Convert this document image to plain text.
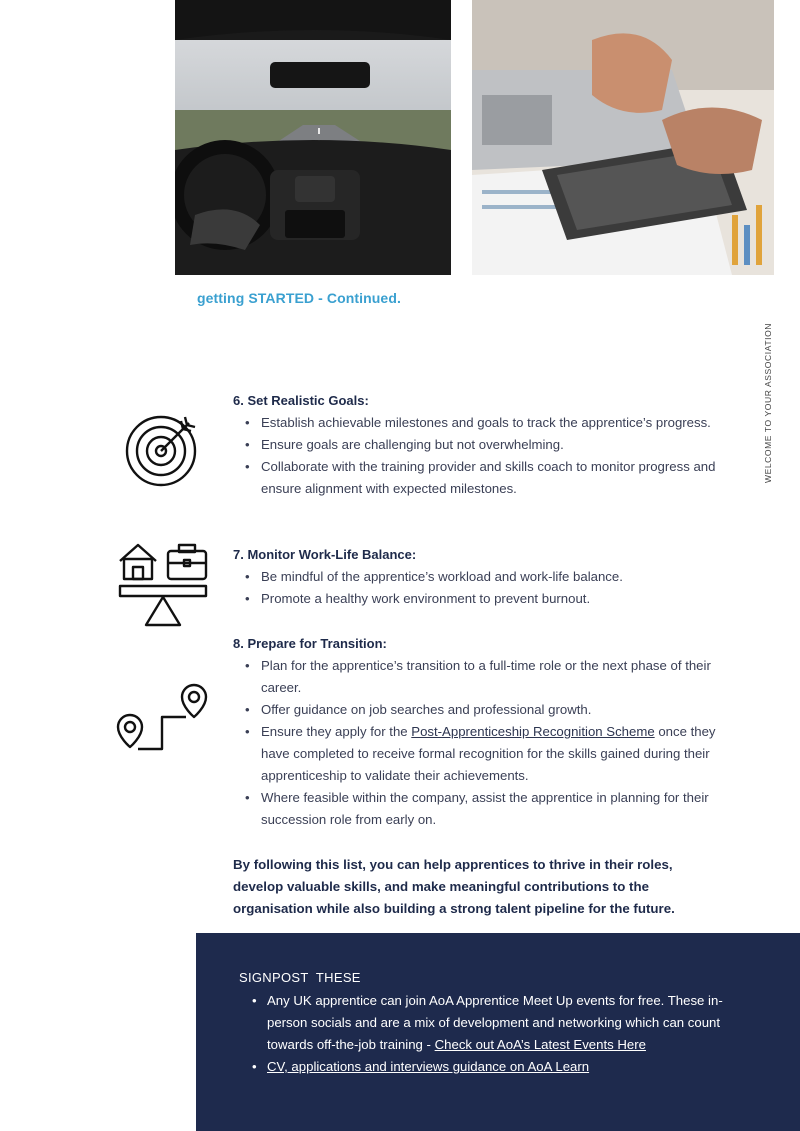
getting STARTED - Continued.
WELCOME TO YOUR ASSOCIATION
6. Set Realistic Goals:
• Establish achievable milestones and goals to track the apprentice’s progress.
• Ensure goals are challenging but not overwhelming.
• Collaborate with the training provider and skills coach to monitor progress and ensure alignment with expected milestones.
7. Monitor Work-Life Balance:
• Be mindful of the apprentice’s workload and work-life balance.
• Promote a healthy work environment to prevent burnout.
8. Prepare for Transition:
• Plan for the apprentice’s transition to a full-time role or the next phase of their career.
• Offer guidance on job searches and professional growth.
• Ensure they apply for the Post-Apprenticeship Recognition Scheme once they have completed to receive formal recognition for the skills gained during their apprenticeship to validate their achievements.
• Where feasible within the company, assist the apprentice in planning for their succession role from early on.
By following this list, you can help apprentices to thrive in their roles, develop valuable skills, and make meaningful contributions to the organisation while also building a strong talent pipeline for the future.
SIGNPOST  THESE
• Any UK apprentice can join AoA Apprentice Meet Up events for free. These in-person socials and are a mix of development and networking which can count towards off-the-job training - Check out AoA’s Latest Events Here
• CV, applications and interviews guidance on AoA Learn
